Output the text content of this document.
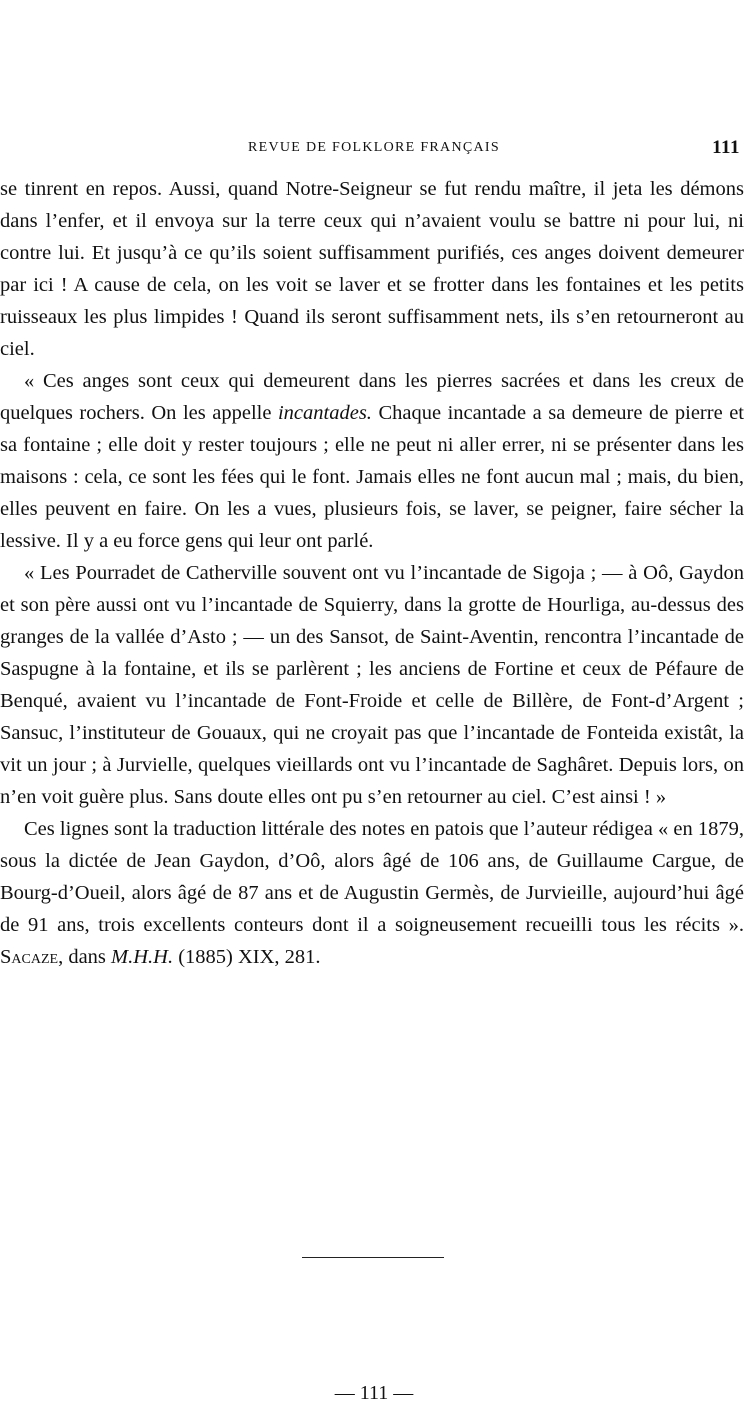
REVUE DE FOLKLORE FRANÇAIS	111

se tinrent en repos. Aussi, quand Notre-Seigneur se fut rendu maître, il jeta les démons dans l’enfer, et il envoya sur la terre ceux qui n’avaient voulu se battre ni pour lui, ni contre lui. Et jusqu’à ce qu’ils soient suffisamment purifiés, ces anges doivent demeurer par ici ! A cause de cela, on les voit se laver et se frotter dans les fontaines et les petits ruisseaux les plus limpides ! Quand ils seront suffisamment nets, ils s’en retourneront au ciel.

« Ces anges sont ceux qui demeurent dans les pierres sacrées et dans les creux de quelques rochers. On les appelle incantades. Chaque incantade a sa demeure de pierre et sa fontaine ; elle doit y rester toujours ; elle ne peut ni aller errer, ni se présenter dans les maisons : cela, ce sont les fées qui le font. Jamais elles ne font aucun mal ; mais, du bien, elles peuvent en faire. On les a vues, plusieurs fois, se laver, se peigner, faire sécher la lessive. Il y a eu force gens qui leur ont parlé.

« Les Pourradet de Catherville souvent ont vu l’incantade de Sigoja ; — à Oô, Gaydon et son père aussi ont vu l’incantade de Squierry, dans la grotte de Hourliga, au-dessus des granges de la vallée d’Asto ; — un des Sansot, de Saint-Aventin, rencontra l’incantade de Saspugne à la fontaine, et ils se parlèrent ; les anciens de Fortine et ceux de Péfaure de Benqué, avaient vu l’incantade de Font-Froide et celle de Billère, de Font-d’Argent ; Sansuc, l’instituteur de Gouaux, qui ne croyait pas que l’incantade de Fonteida existât, la vit un jour ; à Jurvielle, quelques vieillards ont vu l’incantade de Saghâret. Depuis lors, on n’en voit guère plus. Sans doute elles ont pu s’en retourner au ciel. C’est ainsi ! »

Ces lignes sont la traduction littérale des notes en patois que l’auteur rédigea « en 1879, sous la dictée de Jean Gaydon, d’Oô, alors âgé de 106 ans, de Guillaume Cargue, de Bourg-d’Oueil, alors âgé de 87 ans et de Augustin Germès, de Jurvieille, aujourd’hui âgé de 91 ans, trois excellents conteurs dont il a soigneusement recueilli tous les récits ». Sacaze, dans M.H.H. (1885) XIX, 281.

— 111 —
